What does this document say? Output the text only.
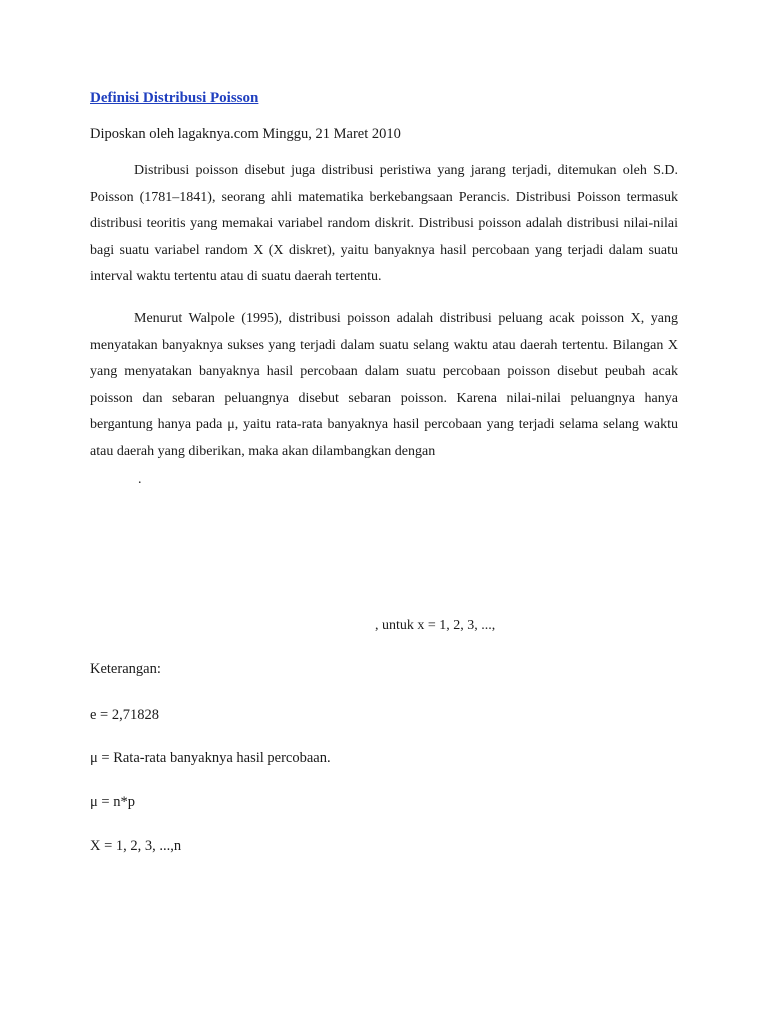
Definisi Distribusi Poisson

Diposkan oleh lagaknya.com Minggu, 21 Maret 2010

Distribusi poisson disebut juga distribusi peristiwa yang jarang terjadi, ditemukan oleh S.D. Poisson (1781–1841), seorang ahli matematika berkebangsaan Perancis. Distribusi Poisson termasuk distribusi teoritis yang memakai variabel random diskrit. Distribusi poisson adalah distribusi nilai-nilai bagi suatu variabel random X (X diskret), yaitu banyaknya hasil percobaan yang terjadi dalam suatu interval waktu tertentu atau di suatu daerah tertentu.

Menurut Walpole (1995), distribusi poisson adalah distribusi peluang acak poisson X, yang menyatakan banyaknya sukses yang terjadi dalam suatu selang waktu atau daerah tertentu. Bilangan X yang menyatakan banyaknya hasil percobaan dalam suatu percobaan poisson disebut peubah acak poisson dan sebaran peluangnya disebut sebaran poisson. Karena nilai-nilai peluangnya hanya bergantung hanya pada μ, yaitu rata-rata banyaknya hasil percobaan yang terjadi selama selang waktu atau daerah yang diberikan, maka akan dilambangkan dengan

.

, untuk x = 1, 2, 3, ...,

Keterangan:

e = 2,71828

μ = Rata-rata banyaknya hasil percobaan.

μ = n*p

X = 1, 2, 3, ...,n
